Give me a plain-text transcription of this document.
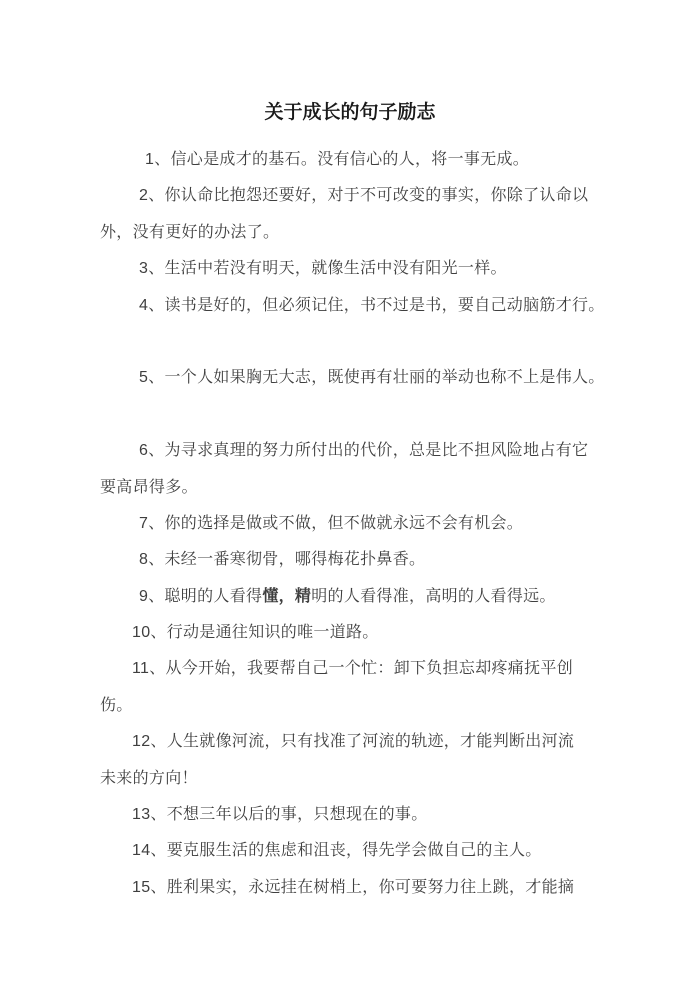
关于成长的句子励志
1、信心是成才的基石。没有信心的人，将一事无成。
2、你认命比抱怨还要好，对于不可改变的事实，你除了认命以
外，没有更好的办法了。
3、生活中若没有明天，就像生活中没有阳光一样。
4、读书是好的，但必须记住，书不过是书，要自己动脑筋才行。
5、一个人如果胸无大志，既使再有壮丽的举动也称不上是伟人。
6、为寻求真理的努力所付出的代价，总是比不担风险地占有它
要高昂得多。
7、你的选择是做或不做，但不做就永远不会有机会。
8、未经一番寒彻骨，哪得梅花扑鼻香。
9、聪明的人看得懂，精明的人看得准，高明的人看得远。
10、行动是通往知识的唯一道路。
11、从今开始，我要帮自己一个忙：卸下负担忘却疼痛抚平创
伤。
12、人生就像河流，只有找准了河流的轨迹，才能判断出河流
未来的方向！
13、不想三年以后的事，只想现在的事。
14、要克服生活的焦虑和沮丧，得先学会做自己的主人。
15、胜利果实，永远挂在树梢上，你可要努力往上跳，才能摘
